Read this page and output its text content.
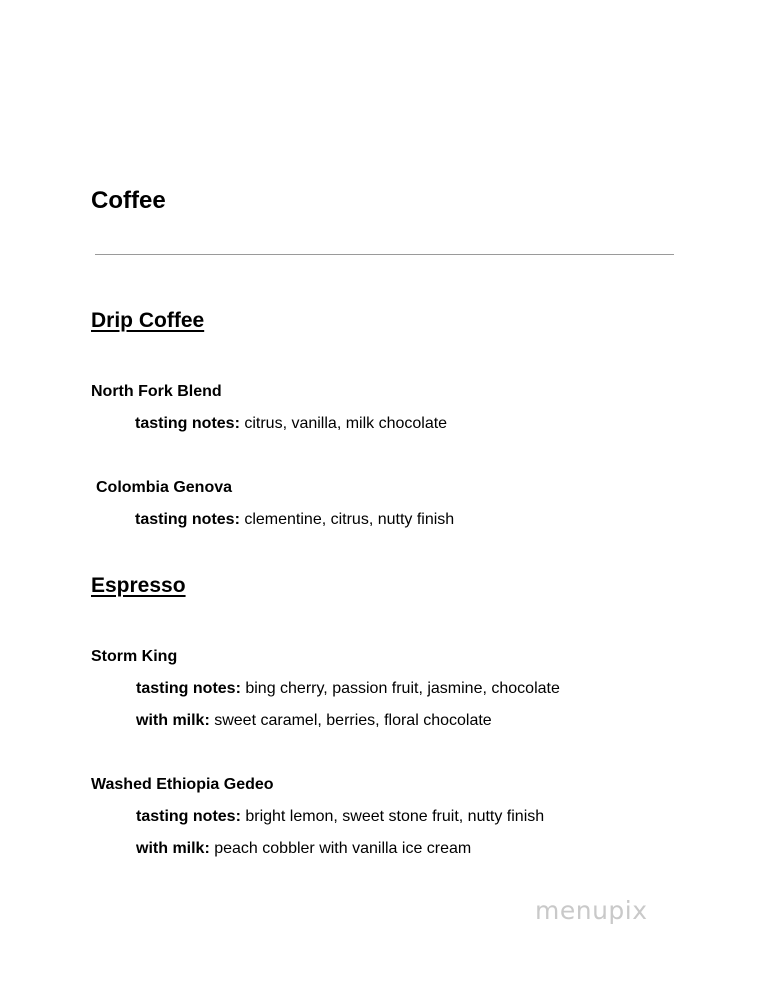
Coffee
Drip Coffee
North Fork Blend
tasting notes: citrus, vanilla, milk chocolate
Colombia Genova
tasting notes: clementine, citrus, nutty finish
Espresso
Storm King
tasting notes: bing cherry, passion fruit, jasmine, chocolate
with milk: sweet caramel, berries, floral chocolate
Washed Ethiopia Gedeo
tasting notes: bright lemon, sweet stone fruit, nutty finish
with milk: peach cobbler with vanilla ice cream
menupix
